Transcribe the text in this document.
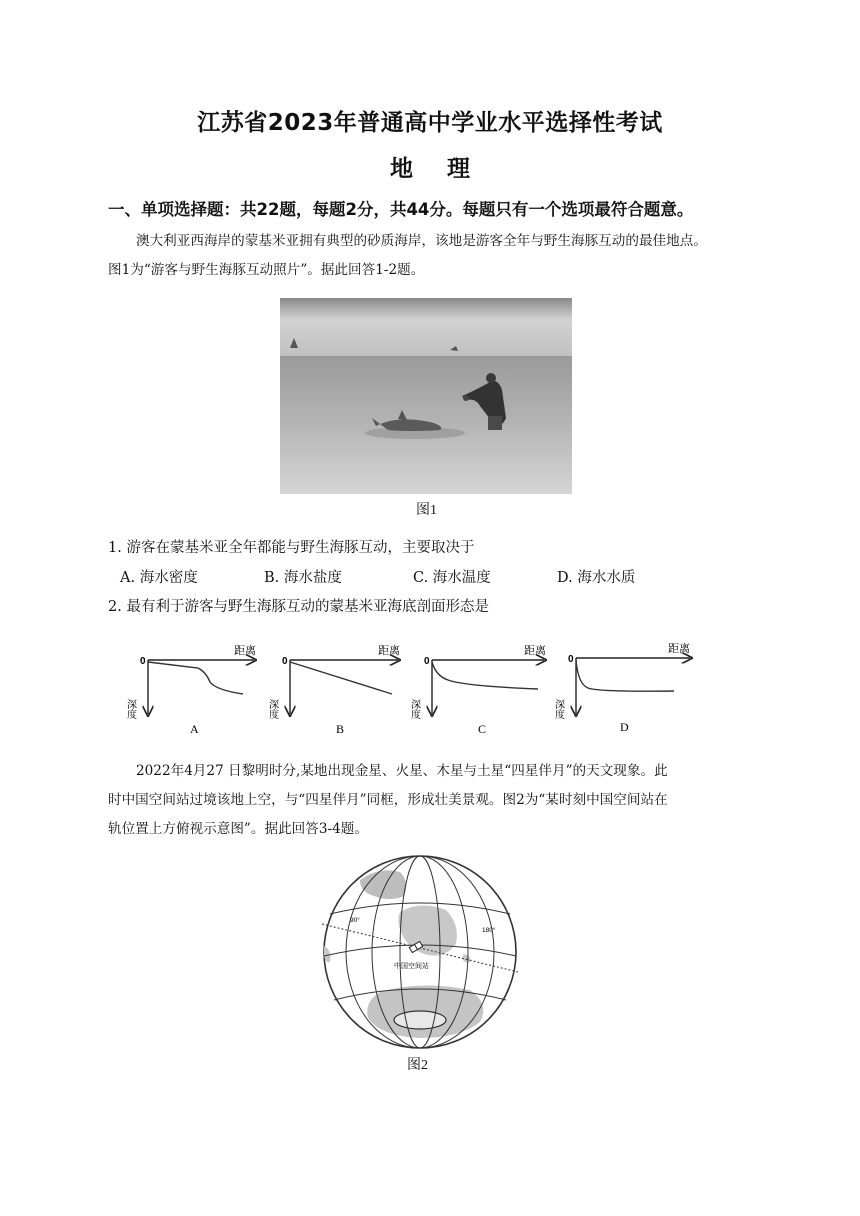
江苏省2023年普通高中学业水平选择性考试
地理
一、单项选择题：共22题，每题2分，共44分。每题只有一个选项最符合题意。
澳大利亚西海岸的蒙基米亚拥有典型的砂质海岸，该地是游客全年与野生海豚互动的最佳地点。
图1为“游客与野生海豚互动照片”。据此回答1-2题。
图1
1. 游客在蒙基米亚全年都能与野生海豚互动，主要取决于
A. 海水密度	B. 海水盐度	C. 海水温度	D. 海水水质
2. 最有利于游客与野生海豚互动的蒙基米亚海底剖面形态是
0
距离
深度
A
0
距离
深度
B
0
距离
深度
C
0
距离
深度
D
2022年4月27 日黎明时分,某地出现金星、火星、木星与土星“四星伴月”的天文现象。此
时中国空间站过境该地上空，与“四星伴月”同框，形成壮美景观。图2为“某时刻中国空间站在
轨位置上方俯视示意图”。据此回答3-4题。
90°
180°
中国空间站
图2
